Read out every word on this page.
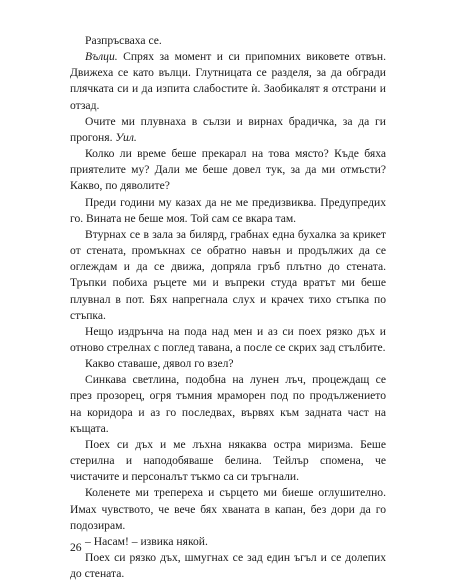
Разпръсваха се.

Вълци. Спрях за момент и си припомних виковете отвън. Движеха се като вълци. Глутницата се разделя, за да обгради плячката си и да изпита слабостите ѝ. Заобикалят я отстрани и отзад.

Очите ми плувнаха в сълзи и вирнах брадичка, за да ги прогоня. Уил.

Колко ли време беше прекарал на това място? Къде бяха приятелите му? Дали ме беше довел тук, за да ми отмъсти? Какво, по дяволите?

Преди години му казах да не ме предизвиква. Предупредих го. Вината не беше моя. Той сам се вкара там.

Втурнах се в зала за билярд, грабнах една бухалка за крикет от стената, промъкнах се обратно навън и продължих да се оглеждам и да се движа, допряла гръб плътно до стената. Тръпки побиха ръцете ми и въпреки студа вратът ми беше плувнал в пот. Бях напрегнала слух и крачех тихо стъпка по стъпка.

Нещо издрънча на пода над мен и аз си поех рязко дъх и отново стрелнах с поглед тавана, а после се скрих зад стълбите.

Какво ставаше, дявол го взел?

Синкава светлина, подобна на лунен лъч, процеждащ се през прозорец, огря тъмния мраморен под по продължението на коридора и аз го последвах, вървях към задната част на къщата.

Поех си дъх и ме лъхна някаква остра миризма. Беше стерилна и наподобяваше белина. Тейлър спомена, че чистачите и персоналът тъкмо са си тръгнали.

Коленете ми трепереха и сърцето ми биеше оглушително. Имах чувството, че вече бях хваната в капан, без дори да го подозирам.

– Насам! – извика някой.

Поех си рязко дъх, шмугнах се зад един ъгъл и се долепих до стената.

26
